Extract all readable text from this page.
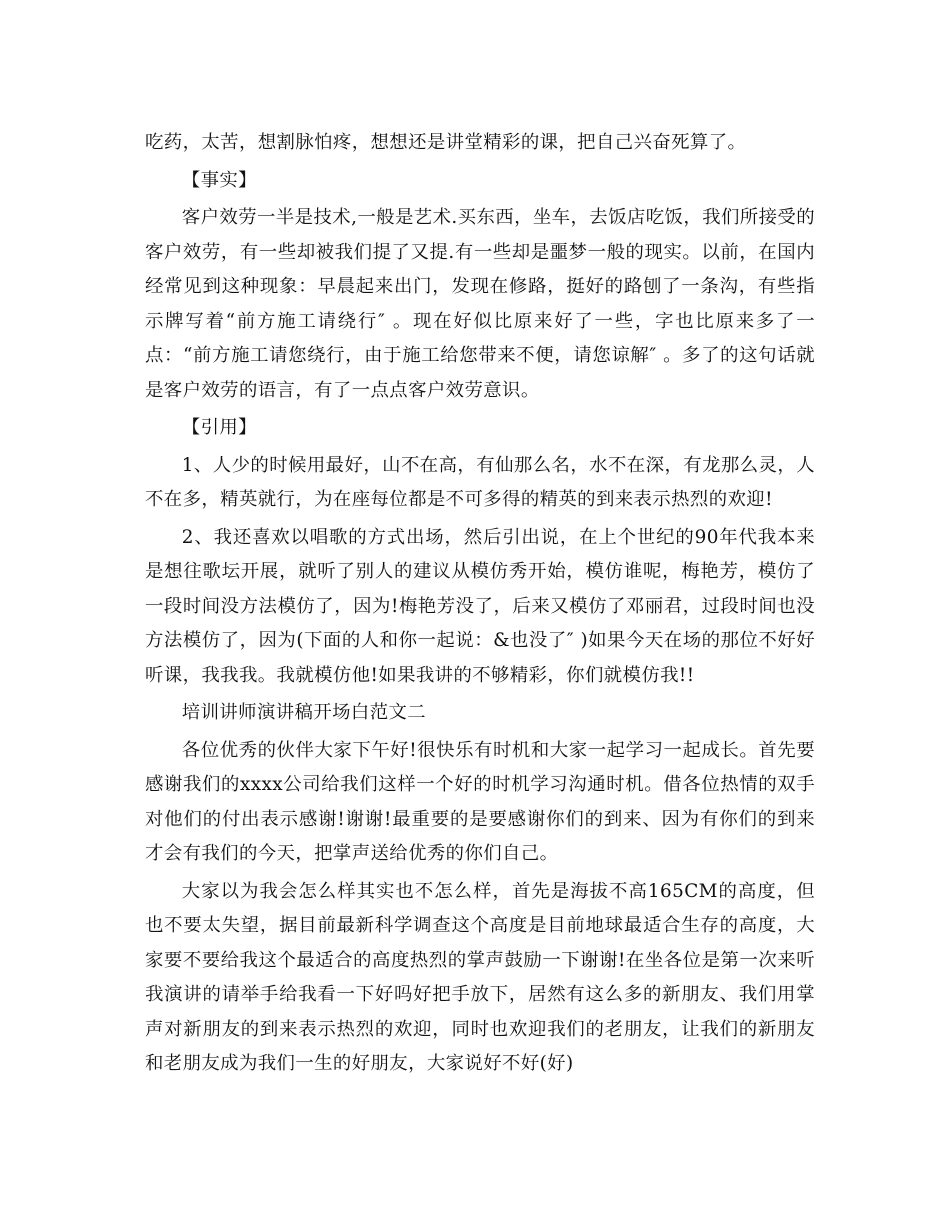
吃药，太苦，想割脉怕疼，想想还是讲堂精彩的课，把自己兴奋死算了。

【事实】

客户效劳一半是技术,一般是艺术.买东西，坐车，去饭店吃饭，我们所接受的客户效劳，有一些却被我们提了又提.有一些却是噩梦一般的现实。以前，在国内经常见到这种现象：早晨起来出门，发现在修路，挺好的路刨了一条沟，有些指示牌写着“前方施工请绕行″ 。现在好似比原来好了一些，字也比原来多了一点：“前方施工请您绕行，由于施工给您带来不便，请您谅解″ 。多了的这句话就是客户效劳的语言，有了一点点客户效劳意识。

【引用】

1、人少的时候用最好，山不在高，有仙那么名，水不在深，有龙那么灵，人不在多，精英就行，为在座每位都是不可多得的精英的到来表示热烈的欢迎!

2、我还喜欢以唱歌的方式出场，然后引出说，在上个世纪的90年代我本来是想往歌坛开展，就听了别人的建议从模仿秀开始，模仿谁呢，梅艳芳，模仿了一段时间没方法模仿了，因为!梅艳芳没了，后来又模仿了邓丽君，过段时间也没方法模仿了，因为(下面的人和你一起说：&也没了″ )如果今天在场的那位不好好听课，我我我。我就模仿他!如果我讲的不够精彩，你们就模仿我!!

培训讲师演讲稿开场白范文二

各位优秀的伙伴大家下午好!很快乐有时机和大家一起学习一起成长。首先要感谢我们的xxxx公司给我们这样一个好的时机学习沟通时机。借各位热情的双手对他们的付出表示感谢!谢谢!最重要的是要感谢你们的到来、因为有你们的到来才会有我们的今天，把掌声送给优秀的你们自己。

大家以为我会怎么样其实也不怎么样，首先是海拔不高165CM的高度，但也不要太失望，据目前最新科学调查这个高度是目前地球最适合生存的高度，大家要不要给我这个最适合的高度热烈的掌声鼓励一下谢谢!在坐各位是第一次来听我演讲的请举手给我看一下好吗好把手放下，居然有这么多的新朋友、我们用掌声对新朋友的到来表示热烈的欢迎，同时也欢迎我们的老朋友，让我们的新朋友和老朋友成为我们一生的好朋友，大家说好不好(好)
